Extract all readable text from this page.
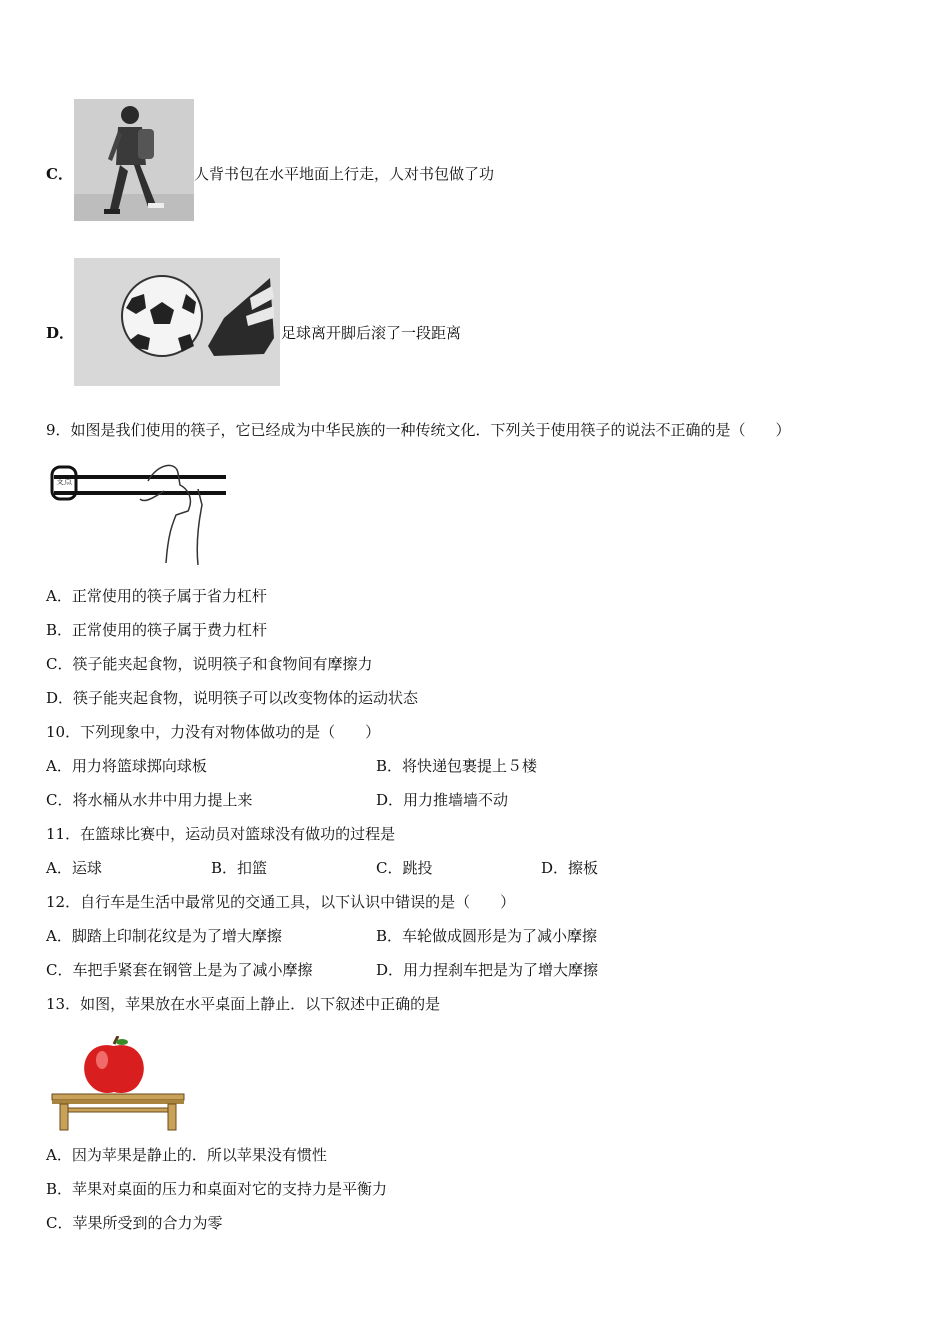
C．	人背书包在水平地面上行走，人对书包做了功
D．	足球离开脚后滚了一段距离
9．如图是我们使用的筷子，它已经成为中华民族的一种传统文化．下列关于使用筷子的说法不正确的是（　　）
支点
A．正常使用的筷子属于省力杠杆
B．正常使用的筷子属于费力杠杆
C．筷子能夹起食物，说明筷子和食物间有摩擦力
D．筷子能夹起食物，说明筷子可以改变物体的运动状态
10．下列现象中，力没有对物体做功的是（　　）
A．用力将篮球掷向球板	B．将快递包裹提上５楼
C．将水桶从水井中用力提上来	D．用力推墙墙不动
11．在篮球比赛中，运动员对篮球没有做功的过程是
A．运球	B．扣篮	C．跳投	D．擦板
12．自行车是生活中最常见的交通工具，以下认识中错误的是（　　）
A．脚踏上印制花纹是为了增大摩擦	B．车轮做成圆形是为了减小摩擦
C．车把手紧套在钢管上是为了减小摩擦	D．用力捏刹车把是为了增大摩擦
13．如图，苹果放在水平桌面上静止．以下叙述中正确的是
A．因为苹果是静止的．所以苹果没有惯性
B．苹果对桌面的压力和桌面对它的支持力是平衡力
C．苹果所受到的合力为零
